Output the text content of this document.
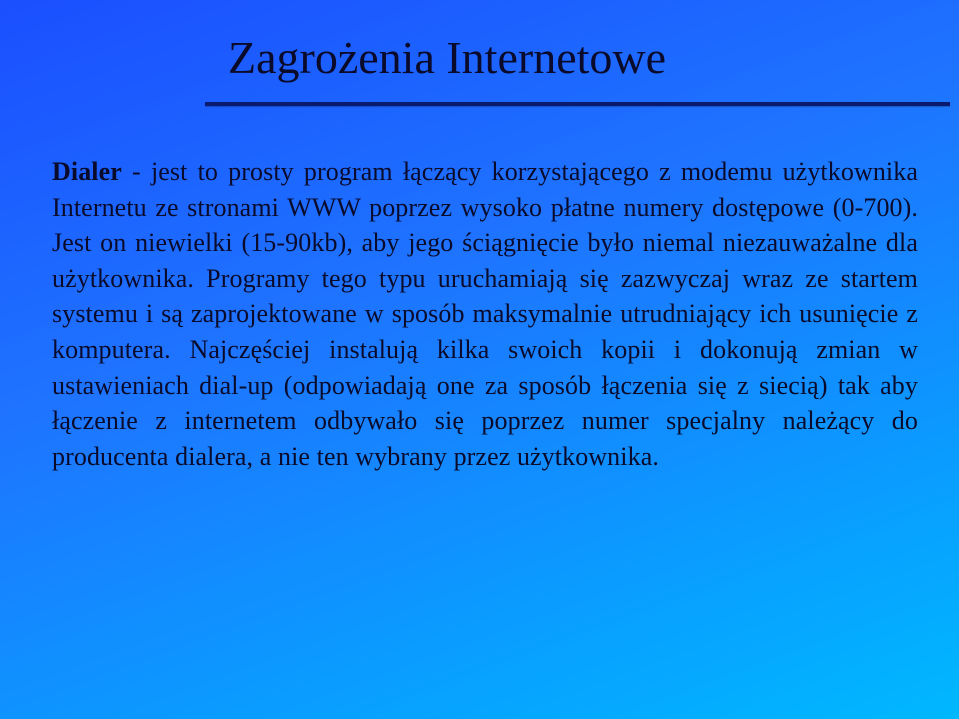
Zagrożenia Internetowe

Dialer - jest to prosty program łączący korzystającego z modemu użytkownika Internetu ze stronami WWW poprzez wysoko płatne numery dostępowe (0-700). Jest on niewielki (15-90kb), aby jego ściągnięcie było niemal niezauważalne dla użytkownika. Programy tego typu uruchamiają się zazwyczaj wraz ze startem systemu i są zaprojektowane w sposób maksymalnie utrudniający ich usunięcie z komputera. Najczęściej instalują kilka swoich kopii i dokonują zmian w ustawieniach dial-up (odpowiadają one za sposób łączenia się z siecią) tak aby łączenie z internetem odbywało się poprzez numer specjalny należący do producenta dialera, a nie ten wybrany przez użytkownika.
